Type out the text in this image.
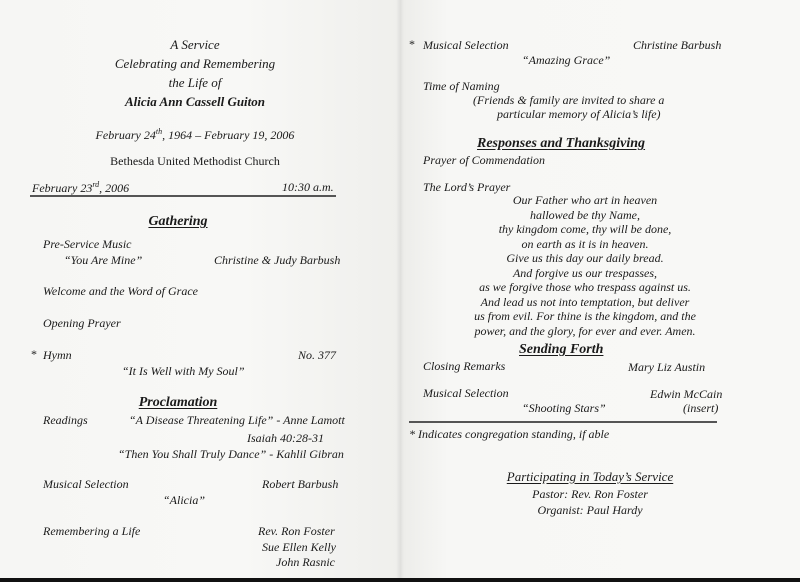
A Service
Celebrating and Remembering
the Life of
Alicia Ann Cassell Guiton
February 24th, 1964 – February 19, 2006
Bethesda United Methodist Church
February 23rd, 2006	10:30 a.m.
Gathering
Pre-Service Music
“You Are Mine”	Christine & Judy Barbush
Welcome and the Word of Grace
Opening Prayer
* Hymn	No. 377
“It Is Well with My Soul”
Proclamation
Readings	“A Disease Threatening Life” - Anne Lamott
Isaiah 40:28-31
“Then You Shall Truly Dance” - Kahlil Gibran
Musical Selection	Robert Barbush
“Alicia”
Remembering a Life	Rev. Ron Foster
Sue Ellen Kelly
John Rasnic
* Musical Selection	Christine Barbush
“Amazing Grace”
Time of Naming
(Friends & family are invited to share a
particular memory of Alicia’s life)
Responses and Thanksgiving
Prayer of Commendation
The Lord’s Prayer
Our Father who art in heaven
hallowed be thy Name,
thy kingdom come, thy will be done,
on earth as it is in heaven.
Give us this day our daily bread.
And forgive us our trespasses,
as we forgive those who trespass against us.
And lead us not into temptation, but deliver
us from evil. For thine is the kingdom, and the
power, and the glory, for ever and ever. Amen.
Sending Forth
Closing Remarks	Mary Liz Austin
Musical Selection	Edwin McCain
“Shooting Stars”	(insert)
* Indicates congregation standing, if able
Participating in Today’s Service
Pastor: Rev. Ron Foster
Organist: Paul Hardy
